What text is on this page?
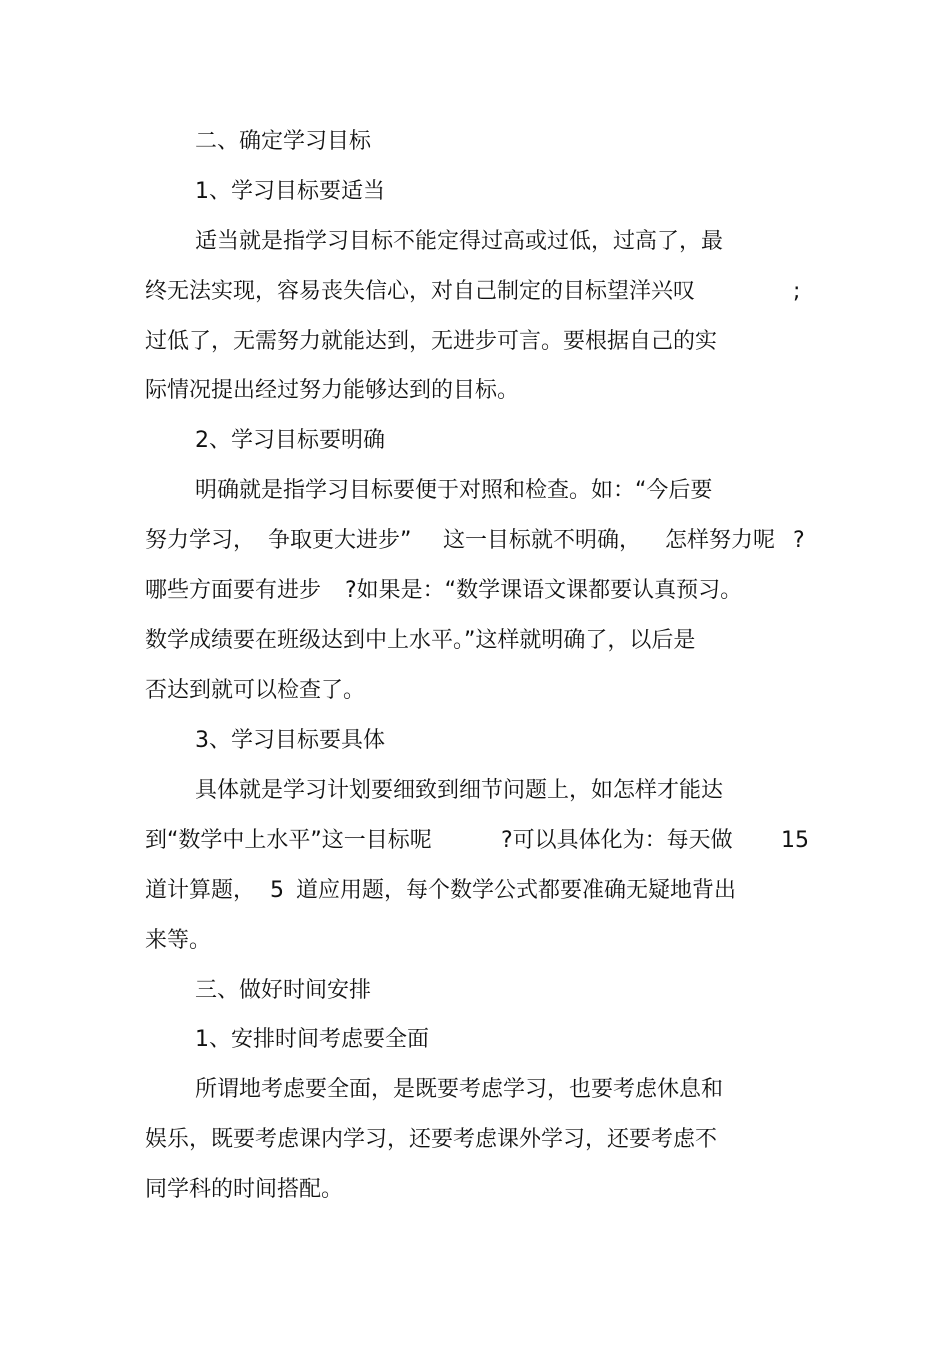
二、确定学习目标
1、学习目标要适当
适当就是指学习目标不能定得过高或过低，过高了，最
终无法实现，容易丧失信心，对自己制定的目标望洋兴叹	;
过低了，无需努力就能达到，无进步可言。要根据自己的实
际情况提出经过努力能够达到的目标。
2、学习目标要明确
明确就是指学习目标要便于对照和检查。如：“今后要
努力学习， 争取更大进步” 这一目标就不明确， 怎样努力呢 ?
哪些方面要有进步 ?如果是：“数学课语文课都要认真预习。
数学成绩要在班级达到中上水平。”这样就明确了，以后是
否达到就可以检查了。
3、学习目标要具体
具体就是学习计划要细致到细节问题上，如怎样才能达
到“数学中上水平”这一目标呢	?可以具体化为：每天做 15
道计算题， 5 道应用题，每个数学公式都要准确无疑地背出
来等。
三、做好时间安排
1、安排时间考虑要全面
所谓地考虑要全面，是既要考虑学习，也要考虑休息和
娱乐，既要考虑课内学习，还要考虑课外学习，还要考虑不
同学科的时间搭配。
